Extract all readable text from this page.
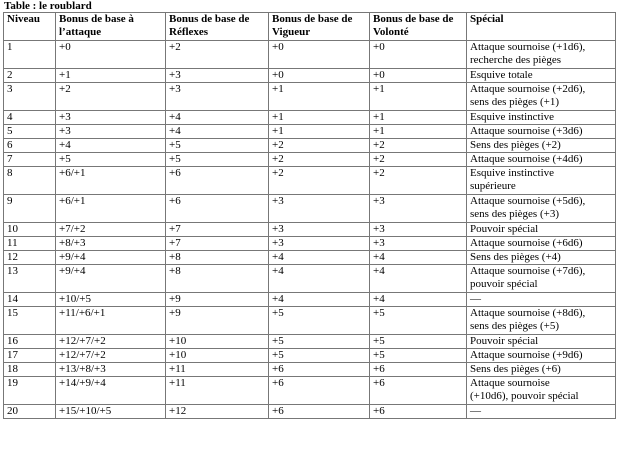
Table : le roublard
Niveau	Bonus de base à l’attaque	Bonus de base de Réflexes	Bonus de base de Vigueur	Bonus de base de Volonté	Spécial
1	+0	+2	+0	+0	Attaque sournoise (+1d6),
recherche des pièges

2	+1	+3	+0	+0	Esquive totale

3	+2	+3	+1	+1	Attaque sournoise (+2d6),
sens des pièges (+1)

4	+3	+4	+1	+1	Esquive instinctive

5	+3	+4	+1	+1	Attaque sournoise (+3d6)

6	+4	+5	+2	+2	Sens des pièges (+2)

7	+5	+5	+2	+2	Attaque sournoise (+4d6)

8	+6/+1	+6	+2	+2	Esquive instinctive
supérieure

9	+6/+1	+6	+3	+3	Attaque sournoise (+5d6),
sens des pièges (+3)

10	+7/+2	+7	+3	+3	Pouvoir spécial

11	+8/+3	+7	+3	+3	Attaque sournoise (+6d6)

12	+9/+4	+8	+4	+4	Sens des pièges (+4)

13	+9/+4	+8	+4	+4	Attaque sournoise (+7d6),
pouvoir spécial

14	+10/+5	+9	+4	+4	—

15	+11/+6/+1	+9	+5	+5	Attaque sournoise (+8d6),
sens des pièges (+5)

16	+12/+7/+2	+10	+5	+5	Pouvoir spécial

17	+12/+7/+2	+10	+5	+5	Attaque sournoise (+9d6)

18	+13/+8/+3	+11	+6	+6	Sens des pièges (+6)

19	+14/+9/+4	+11	+6	+6	Attaque sournoise
(+10d6), pouvoir spécial

20	+15/+10/+5	+12	+6	+6	—
